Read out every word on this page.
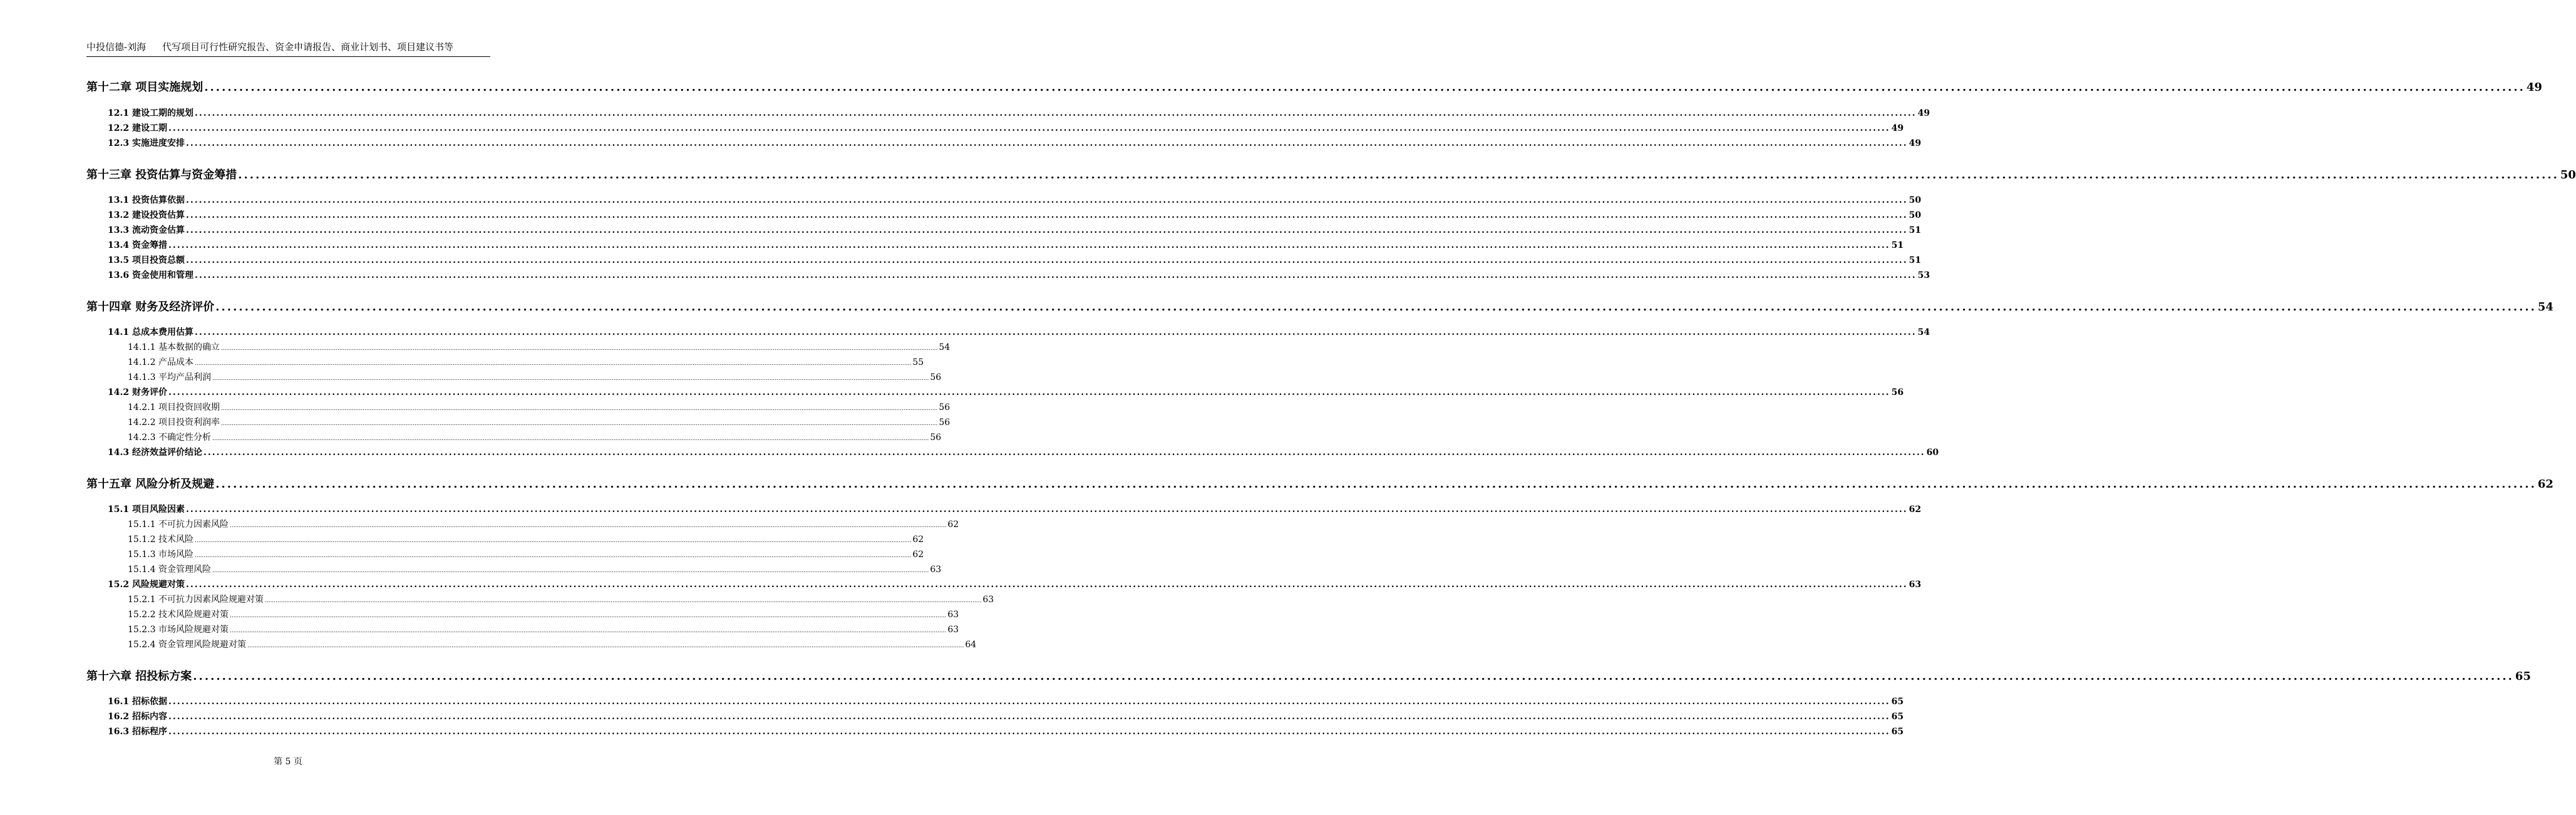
中投信德-刘海 代写项目可行性研究报告、资金申请报告、商业计划书、项目建议书等
第十二章 项目实施规划 ................................................................................................................................................................................................................................................................................................................................................................................................................ 49
12.1 建设工期的规划 ................................................................................................................................................................................................................................................................................................................................................................................................................ 49
12.2 建设工期 ................................................................................................................................................................................................................................................................................................................................................................................................................ 49
12.3 实施进度安排 ................................................................................................................................................................................................................................................................................................................................................................................................................ 49
第十三章 投资估算与资金筹措 ................................................................................................................................................................................................................................................................................................................................................................................................................ 50
13.1 投资估算依据 ................................................................................................................................................................................................................................................................................................................................................................................................................ 50
13.2 建设投资估算 ................................................................................................................................................................................................................................................................................................................................................................................................................ 50
13.3 流动资金估算 ................................................................................................................................................................................................................................................................................................................................................................................................................ 51
13.4 资金筹措 ................................................................................................................................................................................................................................................................................................................................................................................................................ 51
13.5 项目投资总额 ................................................................................................................................................................................................................................................................................................................................................................................................................ 51
13.6 资金使用和管理 ................................................................................................................................................................................................................................................................................................................................................................................................................ 53
第十四章 财务及经济评价 ................................................................................................................................................................................................................................................................................................................................................................................................................ 54
14.1 总成本费用估算 ................................................................................................................................................................................................................................................................................................................................................................................................................ 54
14.1.1 基本数据的确立 ................................................................................................................................................................................................................................................................................................................................................................................................................ 54
14.1.2 产品成本 ................................................................................................................................................................................................................................................................................................................................................................................................................ 55
14.1.3 平均产品利润 ................................................................................................................................................................................................................................................................................................................................................................................................................ 56
14.2 财务评价 ................................................................................................................................................................................................................................................................................................................................................................................................................ 56
14.2.1 项目投资回收期 ................................................................................................................................................................................................................................................................................................................................................................................................................ 56
14.2.2 项目投资利润率 ................................................................................................................................................................................................................................................................................................................................................................................................................ 56
14.2.3 不确定性分析 ................................................................................................................................................................................................................................................................................................................................................................................................................ 56
14.3 经济效益评价结论 ................................................................................................................................................................................................................................................................................................................................................................................................................ 60
第十五章 风险分析及规避 ................................................................................................................................................................................................................................................................................................................................................................................................................ 62
15.1 项目风险因素 ................................................................................................................................................................................................................................................................................................................................................................................................................ 62
15.1.1 不可抗力因素风险 ................................................................................................................................................................................................................................................................................................................................................................................................................ 62
15.1.2 技术风险 ................................................................................................................................................................................................................................................................................................................................................................................................................ 62
15.1.3 市场风险 ................................................................................................................................................................................................................................................................................................................................................................................................................ 62
15.1.4 资金管理风险 ................................................................................................................................................................................................................................................................................................................................................................................................................ 63
15.2 风险规避对策 ................................................................................................................................................................................................................................................................................................................................................................................................................ 63
15.2.1 不可抗力因素风险规避对策 ................................................................................................................................................................................................................................................................................................................................................................................................................ 63
15.2.2 技术风险规避对策 ................................................................................................................................................................................................................................................................................................................................................................................................................ 63
15.2.3 市场风险规避对策 ................................................................................................................................................................................................................................................................................................................................................................................................................ 63
15.2.4 资金管理风险规避对策 ................................................................................................................................................................................................................................................................................................................................................................................................................ 64
第十六章 招投标方案 ................................................................................................................................................................................................................................................................................................................................................................................................................ 65
16.1 招标依据 ................................................................................................................................................................................................................................................................................................................................................................................................................ 65
16.2 招标内容 ................................................................................................................................................................................................................................................................................................................................................................................................................ 65
16.3 招标程序 ................................................................................................................................................................................................................................................................................................................................................................................................................ 65
第 5 页
